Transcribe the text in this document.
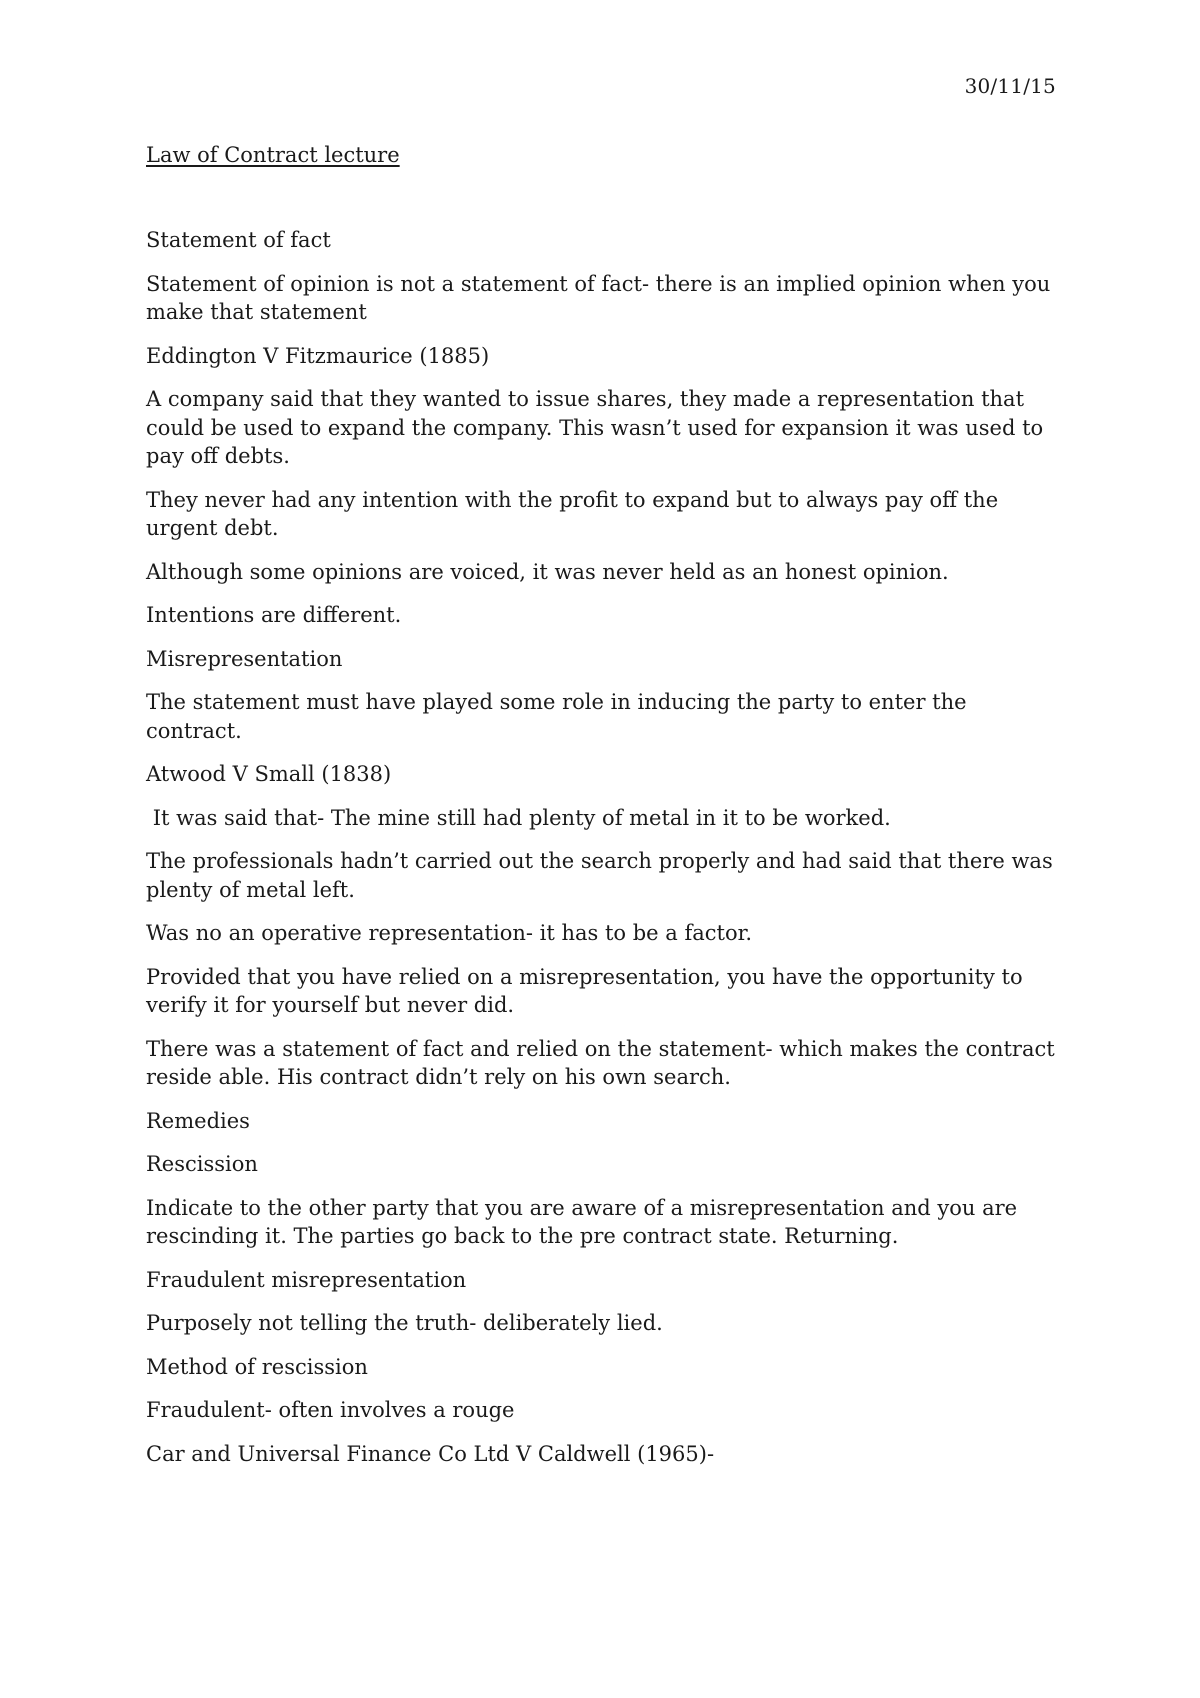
30/11/15
Law of Contract lecture

Statement of fact

Statement of opinion is not a statement of fact- there is an implied opinion when you make that statement

Eddington V Fitzmaurice (1885)

A company said that they wanted to issue shares, they made a representation that could be used to expand the company. This wasn’t used for expansion it was used to pay off debts.

They never had any intention with the profit to expand but to always pay off the urgent debt.

Although some opinions are voiced, it was never held as an honest opinion.

Intentions are different.

Misrepresentation

The statement must have played some role in inducing the party to enter the contract.

Atwood V Small (1838)

It was said that- The mine still had plenty of metal in it to be worked.

The professionals hadn’t carried out the search properly and had said that there was plenty of metal left.

Was no an operative representation- it has to be a factor.

Provided that you have relied on a misrepresentation, you have the opportunity to verify it for yourself but never did.

There was a statement of fact and relied on the statement- which makes the contract reside able. His contract didn’t rely on his own search.

Remedies

Rescission

Indicate to the other party that you are aware of a misrepresentation and you are rescinding it. The parties go back to the pre contract state. Returning.

Fraudulent misrepresentation

Purposely not telling the truth- deliberately lied.

Method of rescission

Fraudulent- often involves a rouge

Car and Universal Finance Co Ltd V Caldwell (1965)-
